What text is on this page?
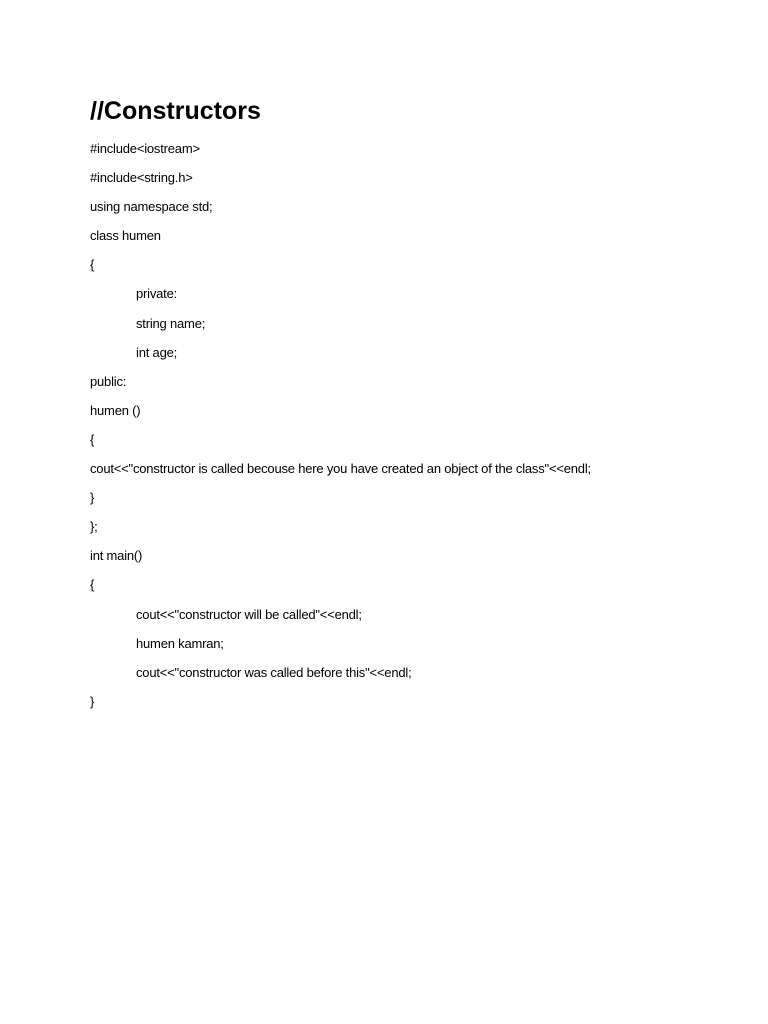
//Constructors
#include<iostream>
#include<string.h>
using namespace std;
class humen
{
private:
string name;
int age;
public:
humen ()
{
cout<<"constructor is called becouse here you have created an object of the class"<<endl;
}
};
int main()
{
cout<<"constructor will be called"<<endl;
humen kamran;
cout<<"constructor was called before this"<<endl;
}
